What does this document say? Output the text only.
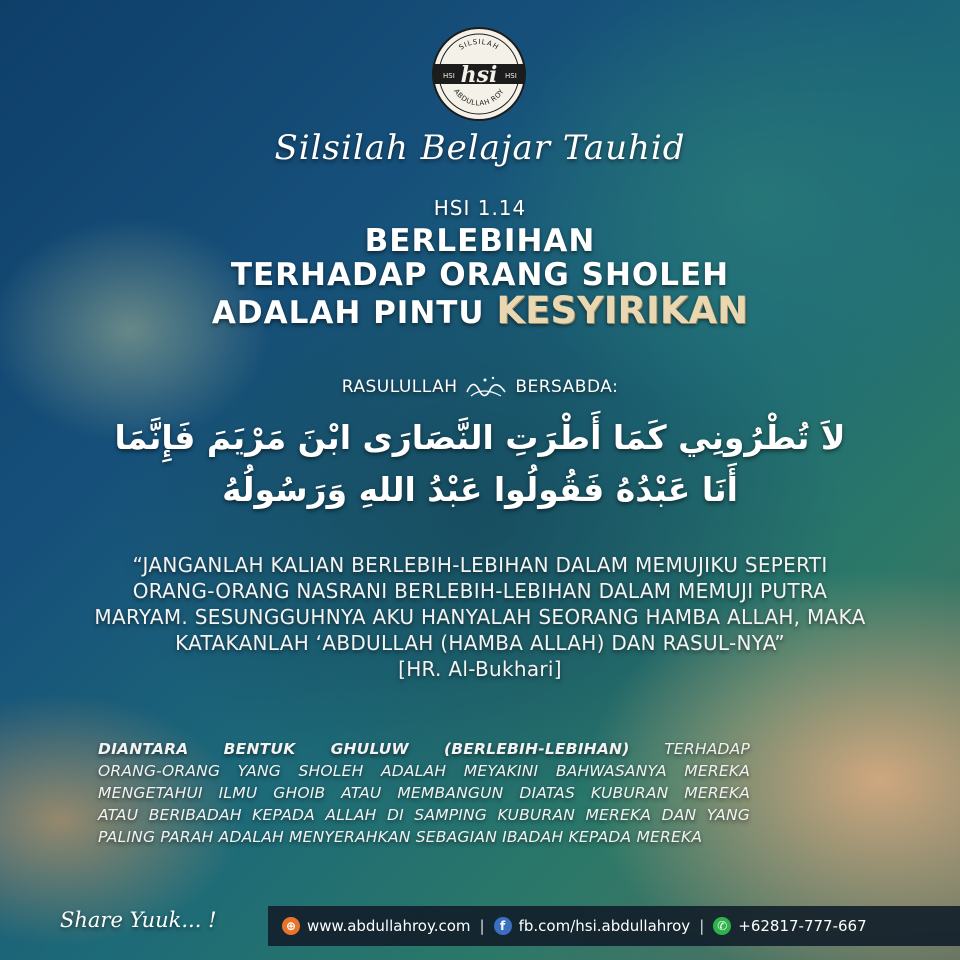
SILSILAH
HSI	HSI
hsi
ABDULLAH ROY
Silsilah Belajar Tauhid
HSI 1.14
BERLEBIHAN
TERHADAP ORANG SHOLEH
ADALAH PINTU KESYIRIKAN
RASULULLAH	BERSABDA:
لاَ تُطْرُونِي كَمَا أَطْرَتِ النَّصَارَى ابْنَ مَرْيَمَ فَإِنَّمَا
أَنَا عَبْدُهُ فَقُولُوا عَبْدُ اللهِ وَرَسُولُهُ
“JANGANLAH KALIAN BERLEBIH-LEBIHAN DALAM MEMUJIKU SEPERTI
ORANG-ORANG NASRANI BERLEBIH-LEBIHAN DALAM MEMUJI PUTRA
MARYAM. SESUNGGUHNYA AKU HANYALAH SEORANG HAMBA ALLAH, MAKA
KATAKANLAH ‘ABDULLAH (HAMBA ALLAH) DAN RASUL-NYA”
[HR. Al-Bukhari]
DIANTARA BENTUK GHULUW (BERLEBIH-LEBIHAN) TERHADAP
ORANG-ORANG YANG SHOLEH ADALAH MEYAKINI BAHWASANYA MEREKA
MENGETAHUI ILMU GHOIB ATAU MEMBANGUN DIATAS KUBURAN MEREKA
ATAU BERIBADAH KEPADA ALLAH DI SAMPING KUBURAN MEREKA DAN YANG
PALING PARAH ADALAH MENYERAHKAN SEBAGIAN IBADAH KEPADA MEREKA
Share Yuuk... !	⊕ www.abdullahroy.com |	f fb.com/hsi.abdullahroy |	✆ +62817-777-667
